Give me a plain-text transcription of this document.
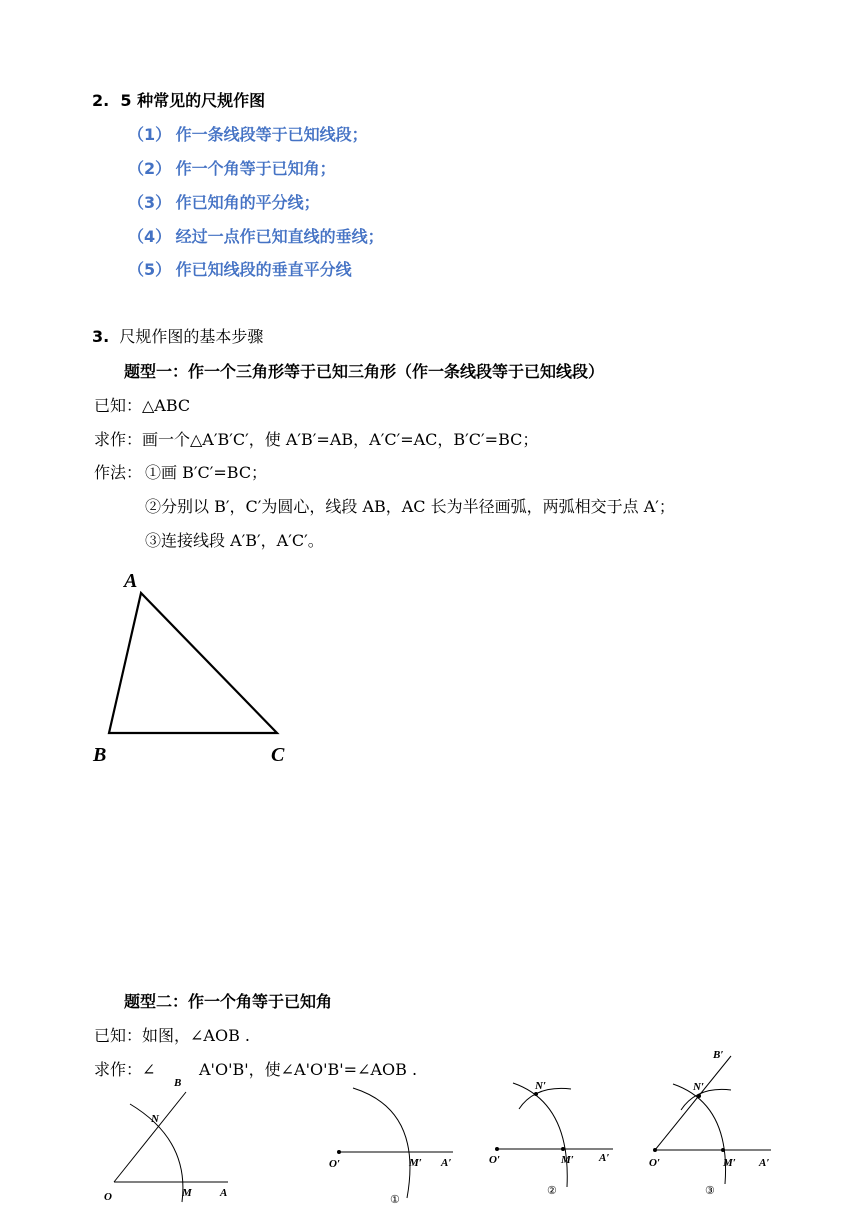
2. 5 种常见的尺规作图
（1） 作一条线段等于已知线段；
（2） 作一个角等于已知角；
（3） 作已知角的平分线；
（4） 经过一点作已知直线的垂线；
（5） 作已知线段的垂直平分线
3. 尺规作图的基本步骤
题型一：作一个三角形等于已知三角形（作一条线段等于已知线段）
已知：△ABC
求作：画一个△A′B′C′，使 A′B′=AB，A′C′=AC，B′C′=BC；
作法： ①画 B′C′=BC；
②分别以 B′，C′为圆心，线段 AB，AC 长为半径画弧，两弧相交于点 A′；
③连接线段 A′B′，A′C′。
A
B	C
题型二：作一个角等于已知角
已知：如图，∠AOB .
求作：∠	A'O'B'，使∠A'O'B'=∠AOB .
O	A
B
M
N
O′	M′ A′
①
O′	M′ A′
N′
②
O′	M′ A′
N′
B′
③
